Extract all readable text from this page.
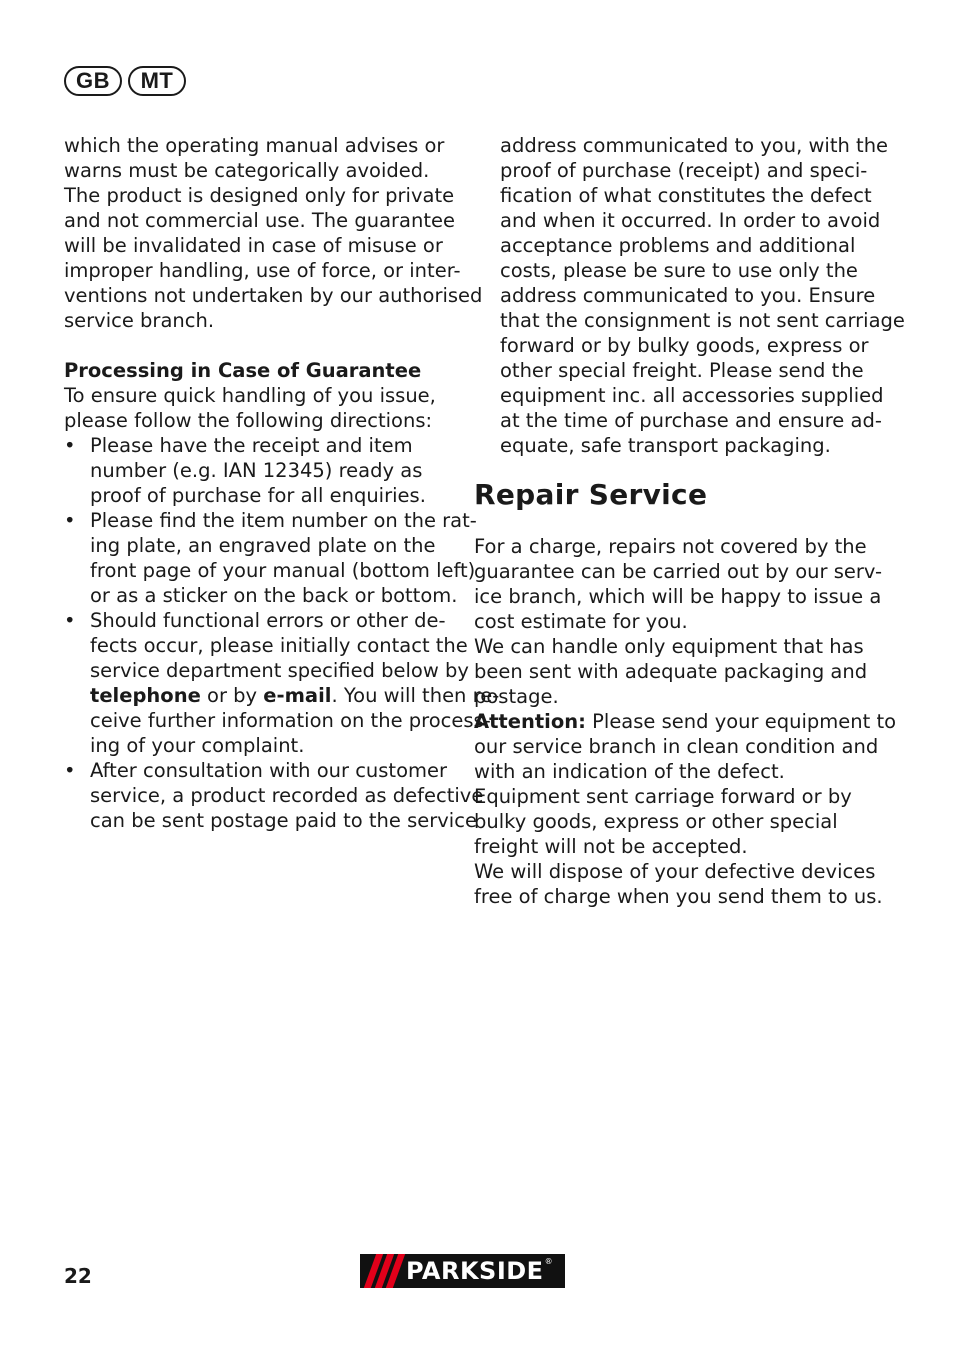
GB	MT
which the operating manual advises or
warns must be categorically avoided.
The product is designed only for private
and not commercial use. The guarantee
will be invalidated in case of misuse or
improper handling, use of force, or inter-
ventions not undertaken by our authorised
service branch.
Processing in Case of Guarantee
To ensure quick handling of you issue,
please follow the following directions:
• Please have the receipt and item
number (e.g. IAN 12345) ready as
proof of purchase for all enquiries.
• Please find the item number on the rat-
ing plate, an engraved plate on the
front page of your manual (bottom left)
or as a sticker on the back or bottom.
• Should functional errors or other de-
fects occur, please initially contact the
service department specified below by
telephone or by e-mail. You will then re-
ceive further information on the process-
ing of your complaint.
• After consultation with our customer
service, a product recorded as defective
can be sent postage paid to the service
address communicated to you, with the
proof of purchase (receipt) and speci-
fication of what constitutes the defect
and when it occurred. In order to avoid
acceptance problems and additional
costs, please be sure to use only the
address communicated to you. Ensure
that the consignment is not sent carriage
forward or by bulky goods, express or
other special freight. Please send the
equipment inc. all accessories supplied
at the time of purchase and ensure ad-
equate, safe transport packaging.
Repair Service
For a charge, repairs not covered by the
guarantee can be carried out by our serv-
ice branch, which will be happy to issue a
cost estimate for you.
We can handle only equipment that has
been sent with adequate packaging and
postage.
Attention: Please send your equipment to
our service branch in clean condition and
with an indication of the defect.
Equipment sent carriage forward or by
bulky goods, express or other special
freight will not be accepted.
We will dispose of your defective devices
free of charge when you send them to us.
22	PARKSIDE ®
